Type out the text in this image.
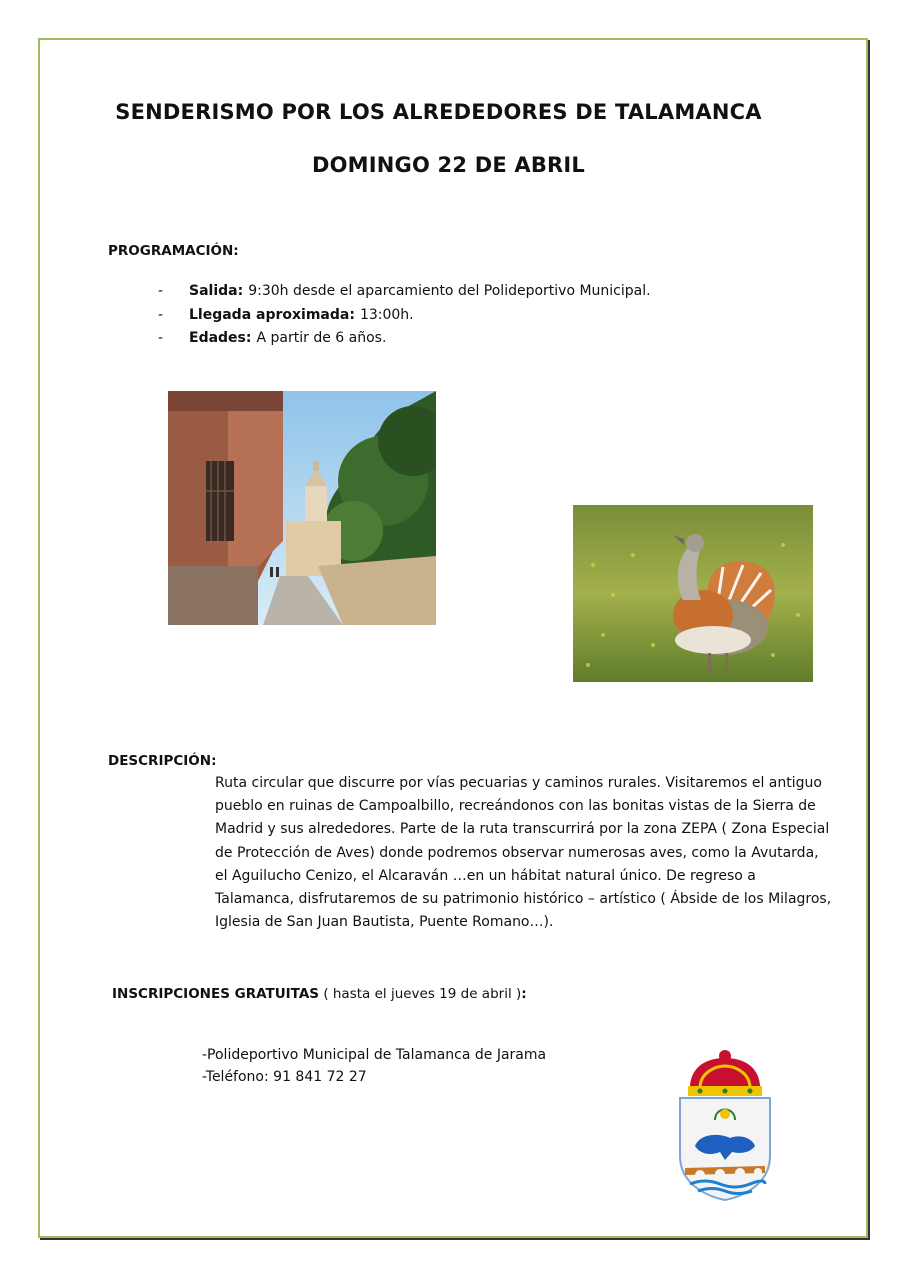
SENDERISMO POR LOS ALREDEDORES DE TALAMANCA
DOMINGO 22 DE ABRIL
PROGRAMACIÓN:
-	Salida: 9:30h desde el aparcamiento del Polideportivo Municipal.
-	Llegada aproximada: 13:00h.
-	Edades: A partir de 6 años.
DESCRIPCIÓN:
Ruta circular que discurre por vías pecuarias y caminos rurales. Visitaremos el antiguo pueblo en ruinas de Campoalbillo, recreándonos con las bonitas vistas de la Sierra de Madrid y sus alrededores. Parte de la ruta transcurrirá por la zona ZEPA ( Zona Especial de Protección de Aves) donde podremos observar numerosas aves, como la Avutarda, el Aguilucho Cenizo, el Alcaraván …en un hábitat natural único. De regreso a Talamanca, disfrutaremos de su patrimonio histórico – artístico ( Ábside de los Milagros, Iglesia de San Juan Bautista, Puente Romano…).
INSCRIPCIONES GRATUITAS ( hasta el jueves 19 de abril ):
-Polideportivo Municipal de Talamanca de Jarama
-Teléfono: 91 841 72 27
